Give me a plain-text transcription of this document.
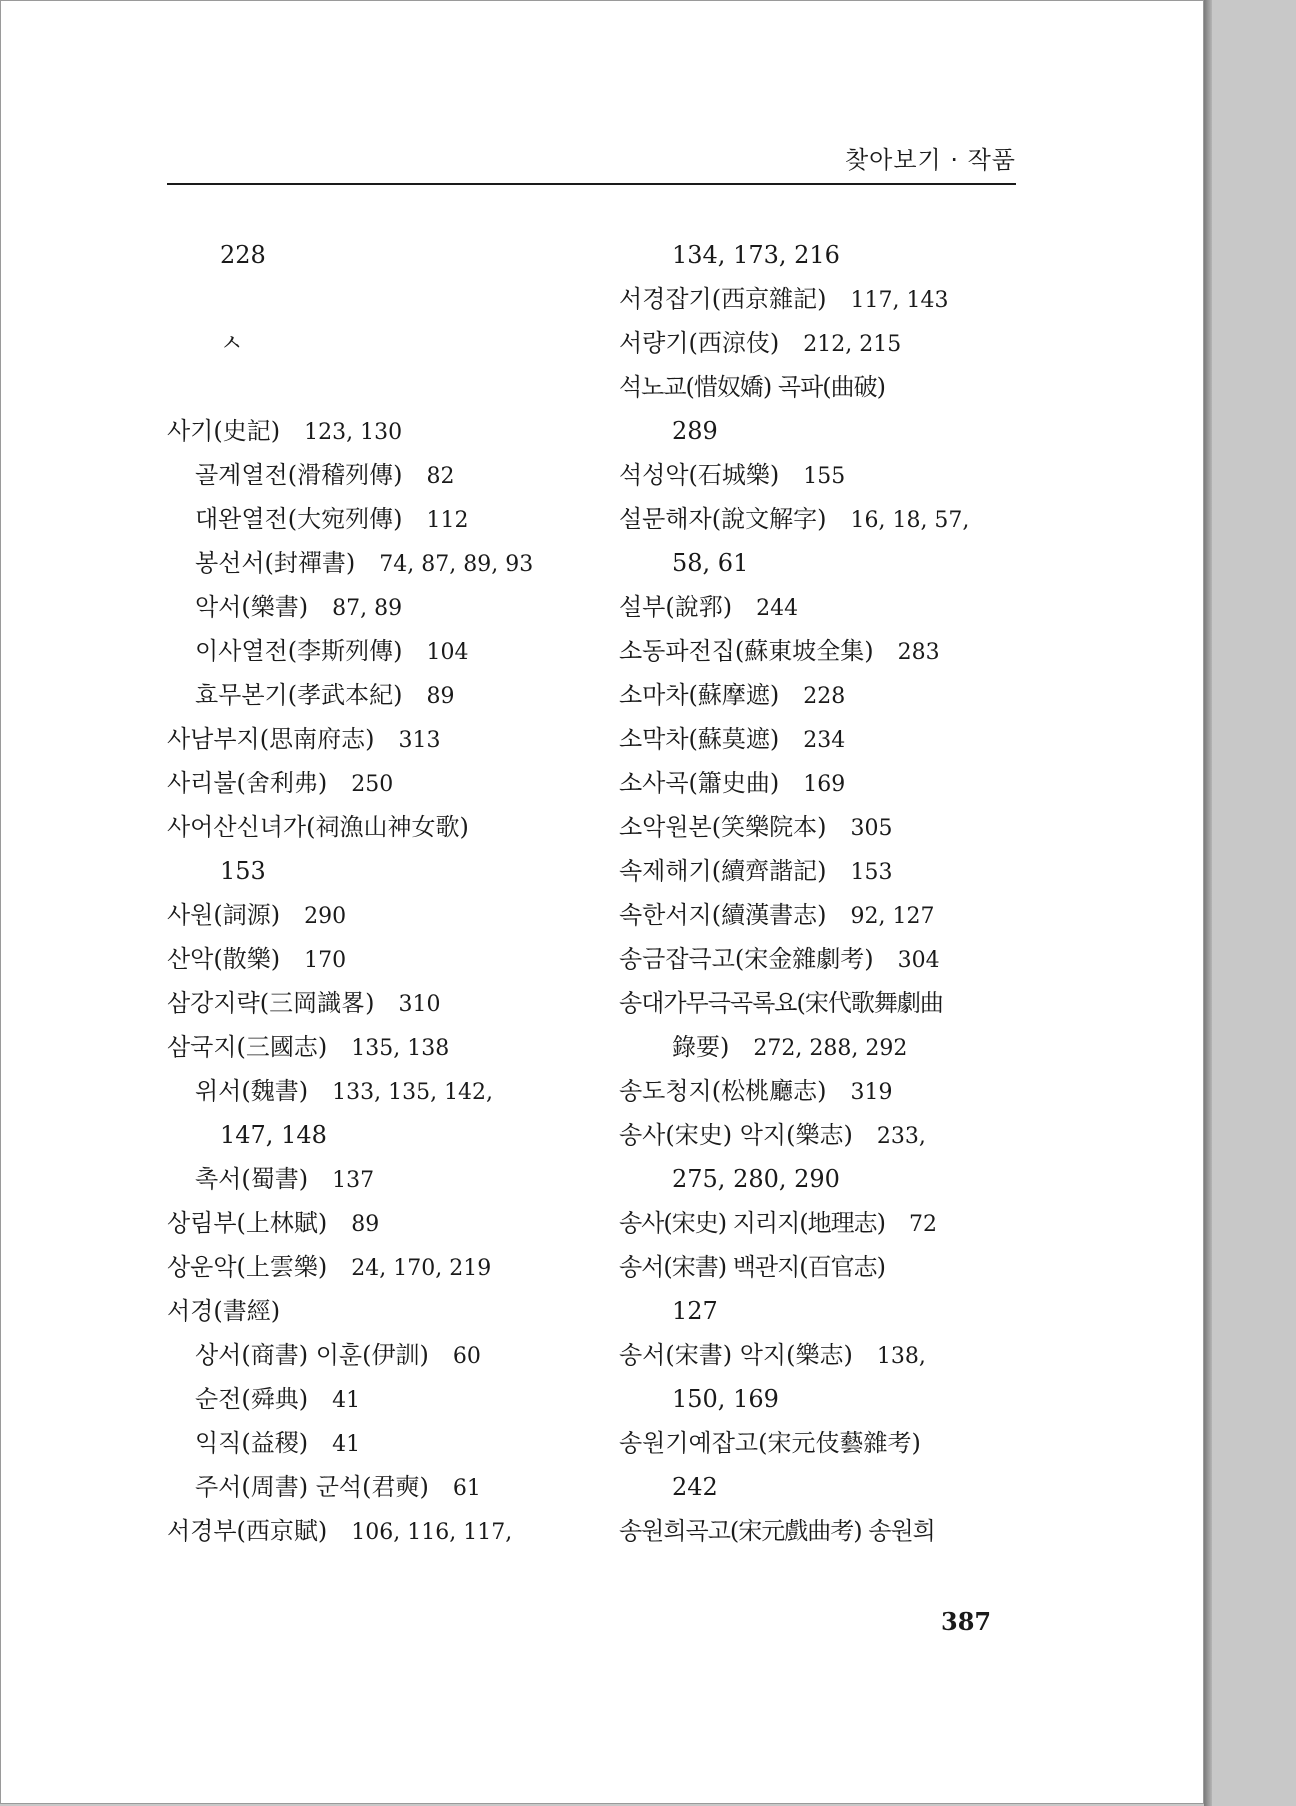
찾아보기 · 작품
228
ㅅ
사기(史記) 123, 130
골계열전(滑稽列傳) 82
대완열전(大宛列傳) 112
봉선서(封禪書) 74, 87, 89, 93
악서(樂書) 87, 89
이사열전(李斯列傳) 104
효무본기(孝武本紀) 89
사남부지(思南府志) 313
사리불(舍利弗) 250
사어산신녀가(祠漁山神女歌)
153
사원(詞源) 290
산악(散樂) 170
삼강지략(三岡識畧) 310
삼국지(三國志) 135, 138
위서(魏書) 133, 135, 142,
147, 148
촉서(蜀書) 137
상림부(上林賦) 89
상운악(上雲樂) 24, 170, 219
서경(書經)
상서(商書) 이훈(伊訓) 60
순전(舜典) 41
익직(益稷) 41
주서(周書) 군석(君奭) 61
서경부(西京賦) 106, 116, 117,
134, 173, 216
서경잡기(西京雜記) 117, 143
서량기(西涼伎) 212, 215
석노교(惜奴嬌) 곡파(曲破)
289
석성악(石城樂) 155
설문해자(說文解字) 16, 18, 57,
58, 61
설부(說郛) 244
소동파전집(蘇東坡全集) 283
소마차(蘇摩遮) 228
소막차(蘇莫遮) 234
소사곡(簫史曲) 169
소악원본(笑樂院本) 305
속제해기(續齊諧記) 153
속한서지(續漢書志) 92, 127
송금잡극고(宋金雜劇考) 304
송대가무극곡록요(宋代歌舞劇曲
錄要) 272, 288, 292
송도청지(松桃廳志) 319
송사(宋史) 악지(樂志) 233,
275, 280, 290
송사(宋史) 지리지(地理志) 72
송서(宋書) 백관지(百官志)
127
송서(宋書) 악지(樂志) 138,
150, 169
송원기예잡고(宋元伎藝雜考)
242
송원희곡고(宋元戲曲考) 송원희
387
